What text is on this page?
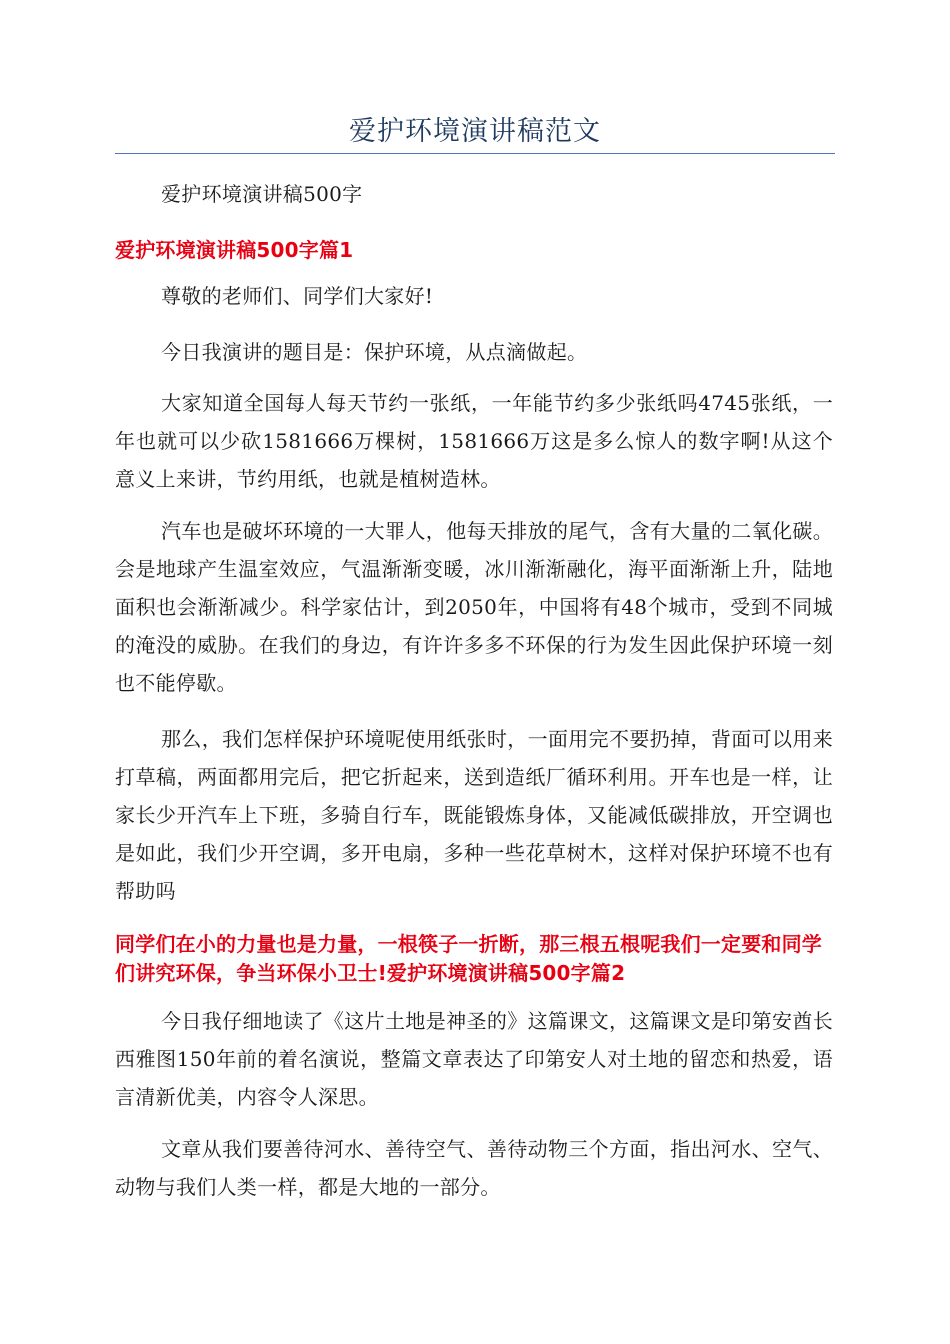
爱护环境演讲稿范文
爱护环境演讲稿500字
爱护环境演讲稿500字篇1
尊敬的老师们、同学们大家好!
今日我演讲的题目是：保护环境，从点滴做起。
大家知道全国每人每天节约一张纸，一年能节约多少张纸吗4745张纸，一年也就可以少砍1581666万棵树，1581666万这是多么惊人的数字啊!从这个意义上来讲，节约用纸，也就是植树造林。
汽车也是破坏环境的一大罪人，他每天排放的尾气，含有大量的二氧化碳。会是地球产生温室效应，气温渐渐变暖，冰川渐渐融化，海平面渐渐上升，陆地面积也会渐渐减少。科学家估计，到2050年，中国将有48个城市，受到不同城的淹没的威胁。在我们的身边，有许许多多不环保的行为发生因此保护环境一刻也不能停歇。
那么，我们怎样保护环境呢使用纸张时，一面用完不要扔掉，背面可以用来打草稿，两面都用完后，把它折起来，送到造纸厂循环利用。开车也是一样，让家长少开汽车上下班，多骑自行车，既能锻炼身体，又能减低碳排放，开空调也是如此，我们少开空调，多开电扇，多种一些花草树木，这样对保护环境不也有帮助吗
同学们在小的力量也是力量，一根筷子一折断，那三根五根呢我们一定要和同学们讲究环保，争当环保小卫士!爱护环境演讲稿500字篇2
今日我仔细地读了《这片土地是神圣的》这篇课文，这篇课文是印第安酋长西雅图150年前的着名演说，整篇文章表达了印第安人对土地的留恋和热爱，语言清新优美，内容令人深思。
文章从我们要善待河水、善待空气、善待动物三个方面，指出河水、空气、动物与我们人类一样，都是大地的一部分。
